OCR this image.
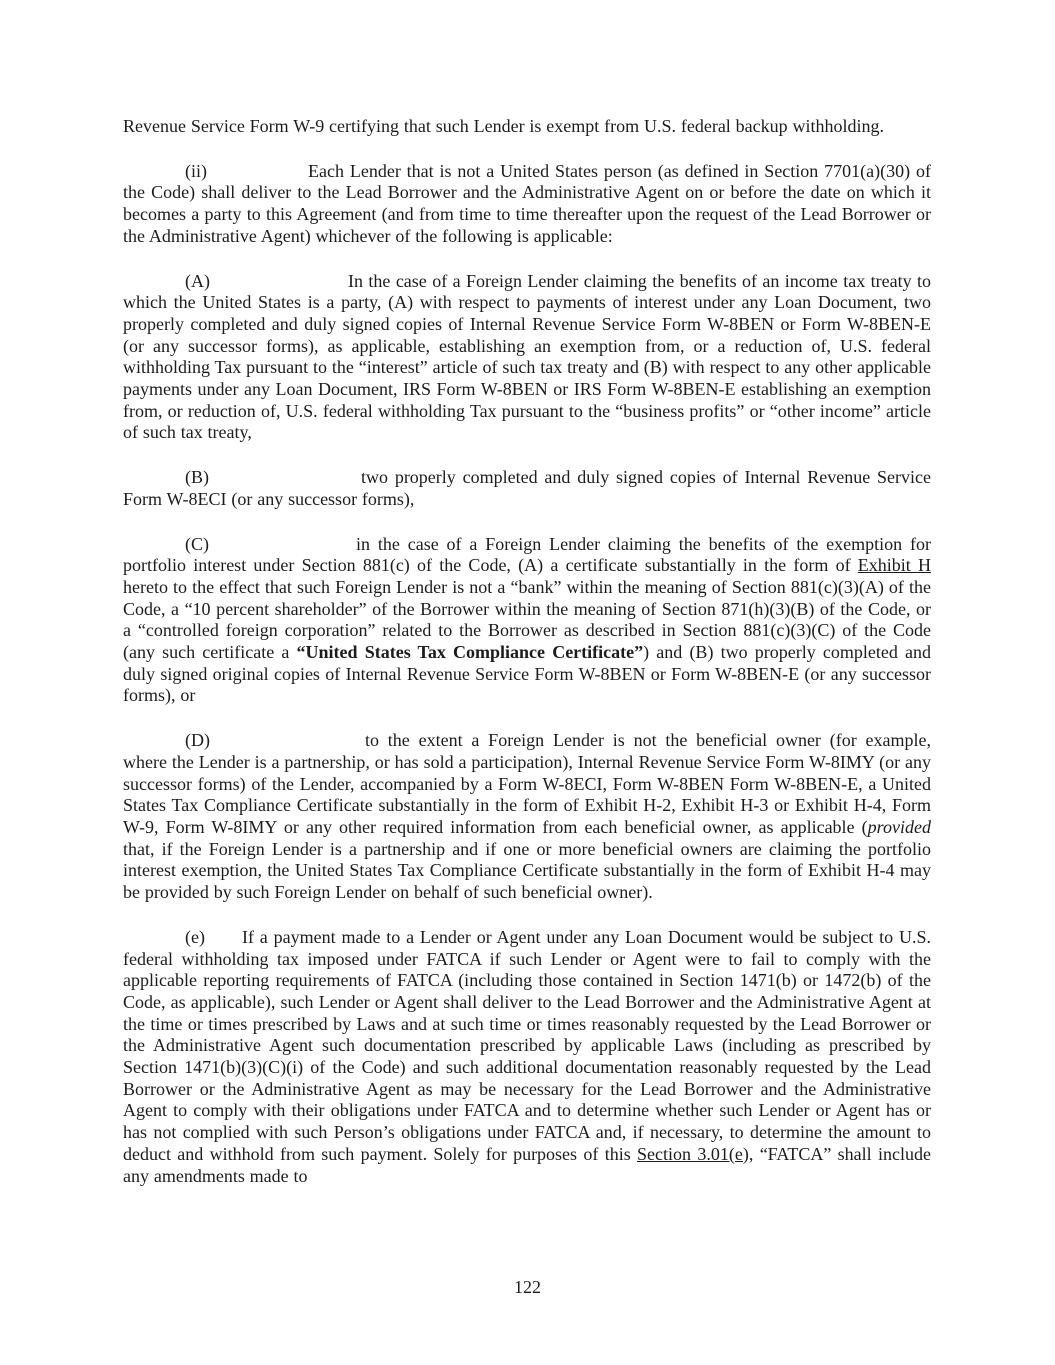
Revenue Service Form W-9 certifying that such Lender is exempt from U.S. federal backup withholding.

(ii)	Each Lender that is not a United States person (as defined in Section 7701(a)(30) of the Code) shall deliver to the Lead Borrower and the Administrative Agent on or before the date on which it becomes a party to this Agreement (and from time to time thereafter upon the request of the Lead Borrower or the Administrative Agent) whichever of the following is applicable:

(A)	In the case of a Foreign Lender claiming the benefits of an income tax treaty to which the United States is a party, (A) with respect to payments of interest under any Loan Document, two properly completed and duly signed copies of Internal Revenue Service Form W-8BEN or Form W-8BEN-E (or any successor forms), as applicable, establishing an exemption from, or a reduction of, U.S. federal withholding Tax pursuant to the “interest” article of such tax treaty and (B) with respect to any other applicable payments under any Loan Document, IRS Form W-8BEN or IRS Form W-8BEN-E establishing an exemption from, or reduction of, U.S. federal withholding Tax pursuant to the “business profits” or “other income” article of such tax treaty,

(B)	two properly completed and duly signed copies of Internal Revenue Service Form W-8ECI (or any successor forms),

(C)	in the case of a Foreign Lender claiming the benefits of the exemption for portfolio interest under Section 881(c) of the Code, (A) a certificate substantially in the form of Exhibit H hereto to the effect that such Foreign Lender is not a “bank” within the meaning of Section 881(c)(3)(A) of the Code, a “10 percent shareholder” of the Borrower within the meaning of Section 871(h)(3)(B) of the Code, or a “controlled foreign corporation” related to the Borrower as described in Section 881(c)(3)(C) of the Code (any such certificate a “United States Tax Compliance Certificate”) and (B) two properly completed and duly signed original copies of Internal Revenue Service Form W-8BEN or Form W-8BEN-E (or any successor forms), or

(D)	to the extent a Foreign Lender is not the beneficial owner (for example, where the Lender is a partnership, or has sold a participation), Internal Revenue Service Form W-8IMY (or any successor forms) of the Lender, accompanied by a Form W-8ECI, Form W-8BEN Form W-8BEN-E, a United States Tax Compliance Certificate substantially in the form of Exhibit H-2, Exhibit H-3 or Exhibit H-4, Form W-9, Form W-8IMY or any other required information from each beneficial owner, as applicable (provided that, if the Foreign Lender is a partnership and if one or more beneficial owners are claiming the portfolio interest exemption, the United States Tax Compliance Certificate substantially in the form of Exhibit H-4 may be provided by such Foreign Lender on behalf of such beneficial owner).

(e) If a payment made to a Lender or Agent under any Loan Document would be subject to U.S. federal withholding tax imposed under FATCA if such Lender or Agent were to fail to comply with the applicable reporting requirements of FATCA (including those contained in Section 1471(b) or 1472(b) of the Code, as applicable), such Lender or Agent shall deliver to the Lead Borrower and the Administrative Agent at the time or times prescribed by Laws and at such time or times reasonably requested by the Lead Borrower or the Administrative Agent such documentation prescribed by applicable Laws (including as prescribed by Section 1471(b)(3)(C)(i) of the Code) and such additional documentation reasonably requested by the Lead Borrower or the Administrative Agent as may be necessary for the Lead Borrower and the Administrative Agent to comply with their obligations under FATCA and to determine whether such Lender or Agent has or has not complied with such Person’s obligations under FATCA and, if necessary, to determine the amount to deduct and withhold from such payment. Solely for purposes of this Section 3.01(e), “FATCA” shall include any amendments made to

122
